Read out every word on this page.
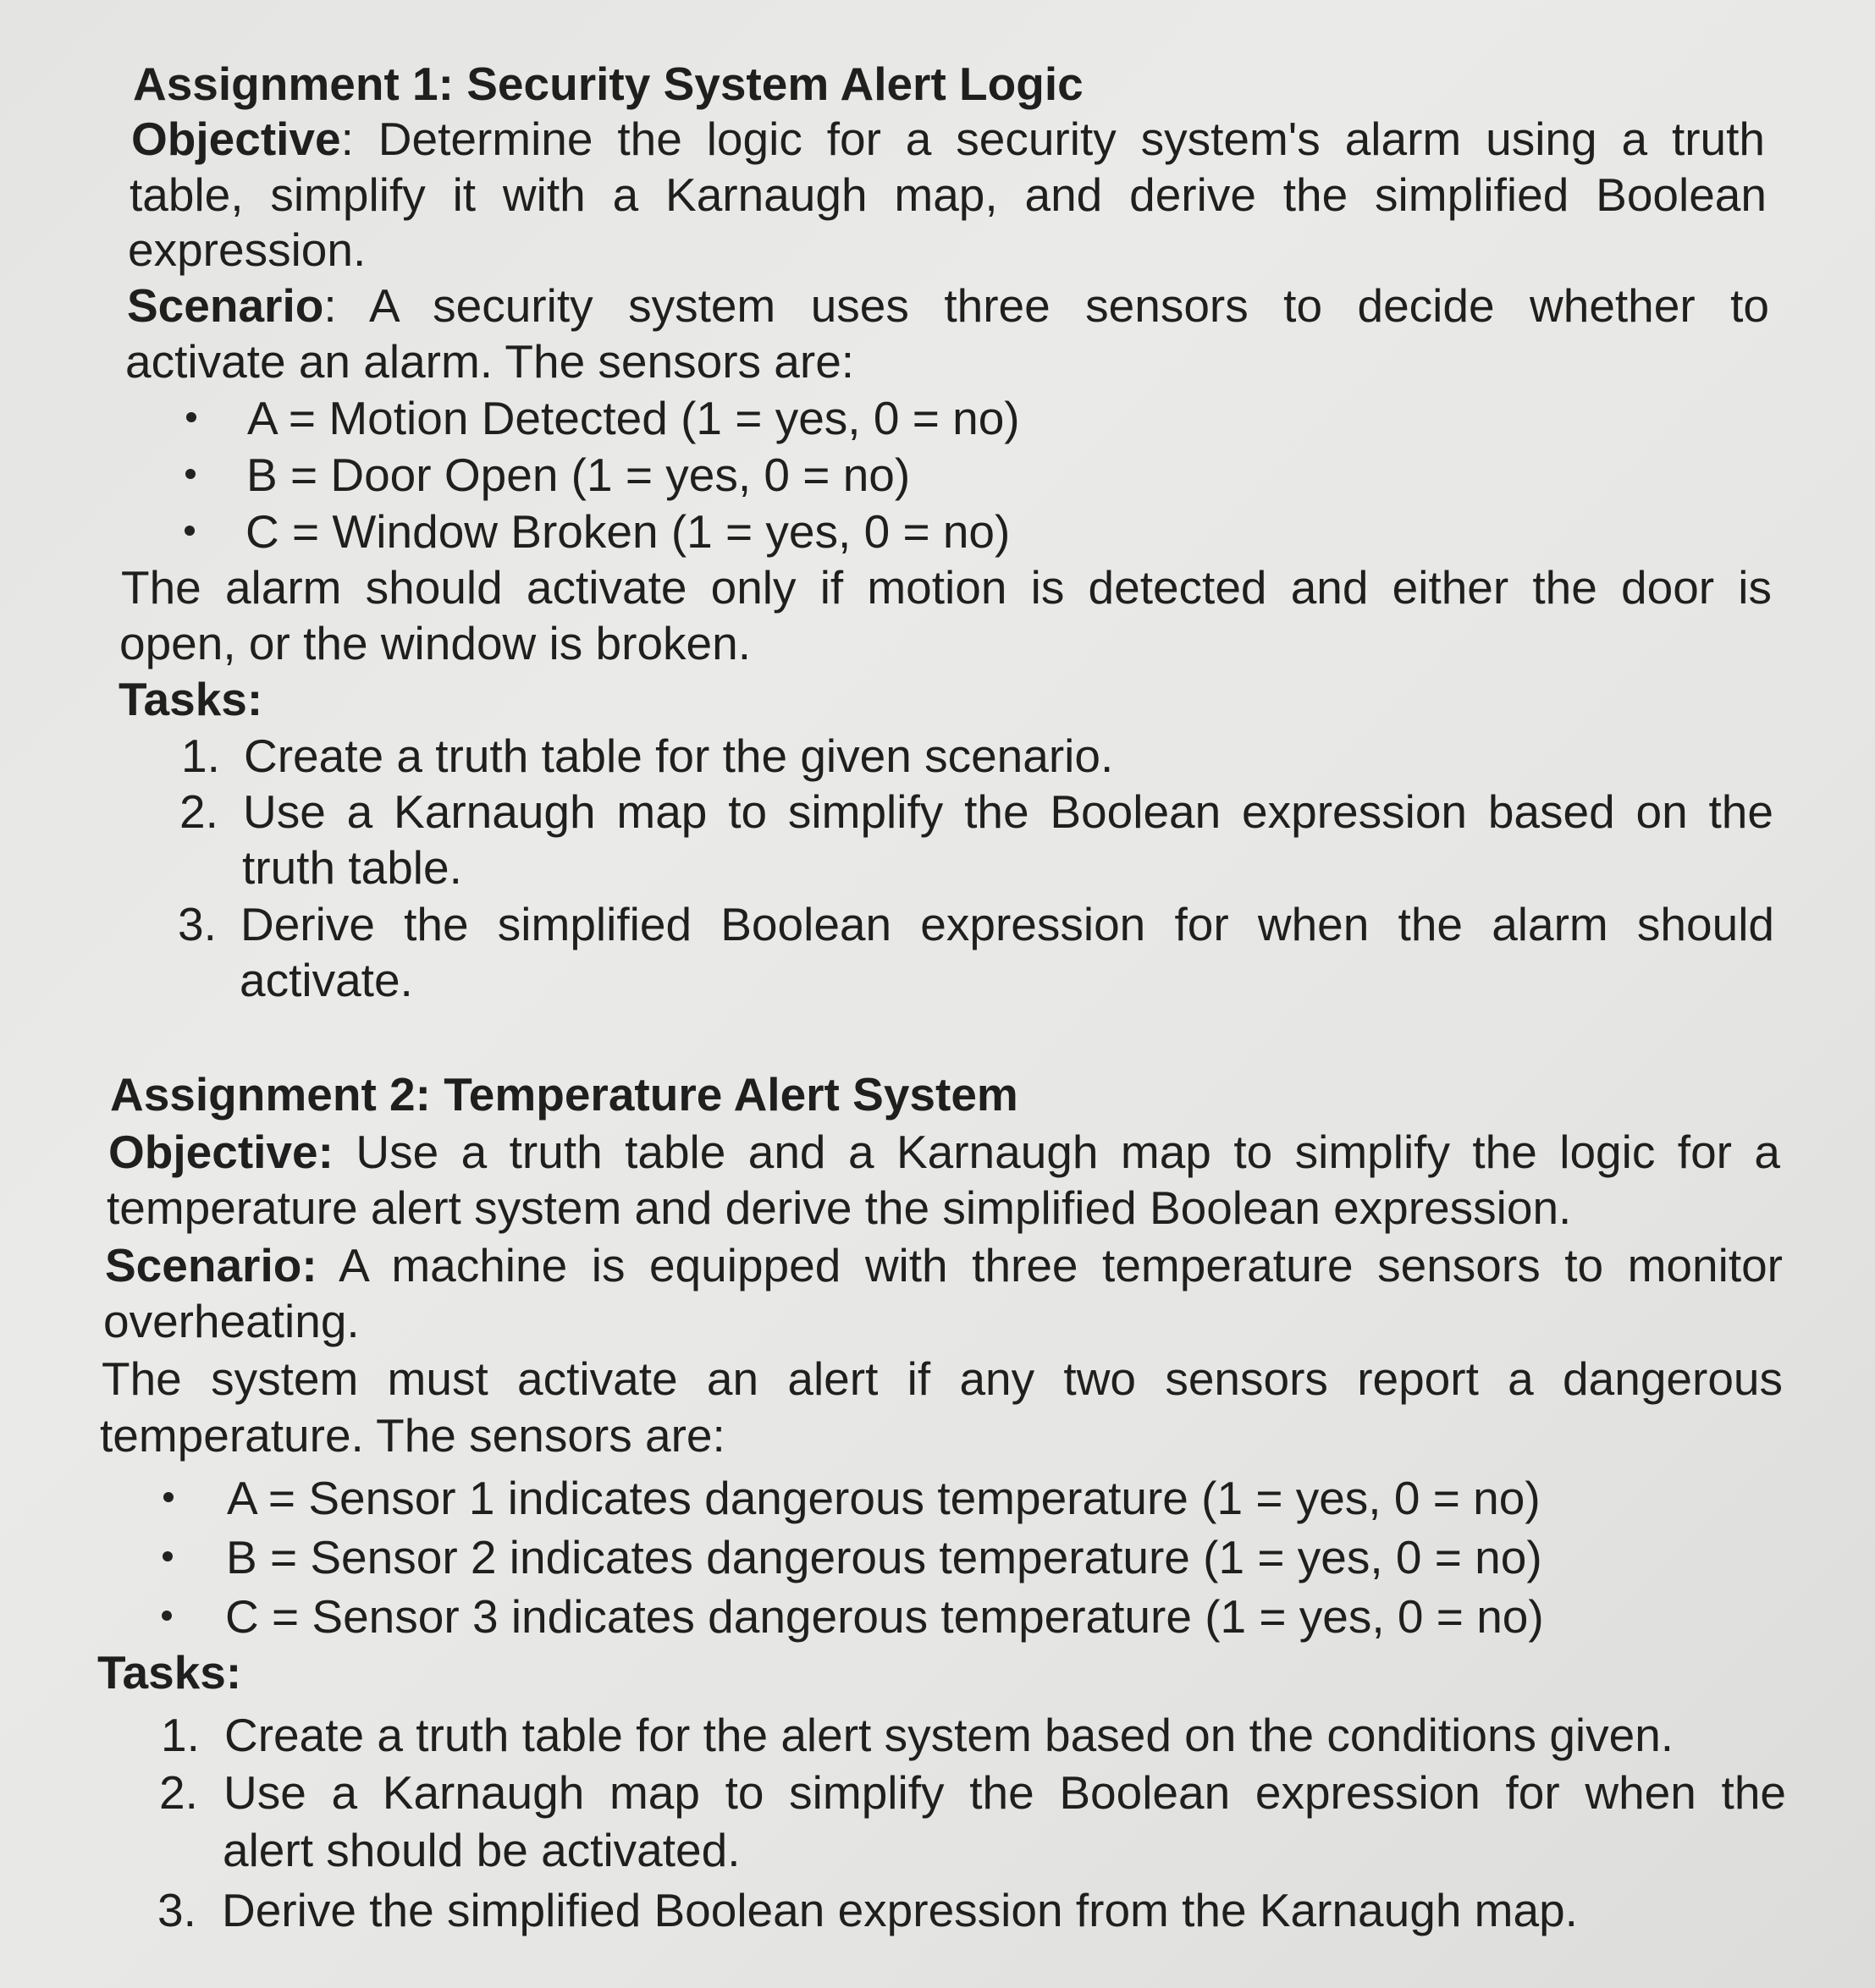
Assignment 1: Security System Alert Logic
Objective: Determine the logic for a security system's alarm using a truth
table, simplify it with a Karnaugh map, and derive the simplified Boolean
expression.
Scenario: A security system uses three sensors to decide whether to
activate an alarm. The sensors are:
A = Motion Detected (1 = yes, 0 = no)
B = Door Open (1 = yes, 0 = no)
C = Window Broken (1 = yes, 0 = no)
The alarm should activate only if motion is detected and either the door is
open, or the window is broken.
Tasks:
1. Create a truth table for the given scenario.
2. Use a Karnaugh map to simplify the Boolean expression based on the
truth table.
3. Derive the simplified Boolean expression for when the alarm should
activate.
Assignment 2: Temperature Alert System
Objective: Use a truth table and a Karnaugh map to simplify the logic for a
temperature alert system and derive the simplified Boolean expression.
Scenario: A machine is equipped with three temperature sensors to monitor
overheating.
The system must activate an alert if any two sensors report a dangerous
temperature. The sensors are:
A = Sensor 1 indicates dangerous temperature (1 = yes, 0 = no)
B = Sensor 2 indicates dangerous temperature (1 = yes, 0 = no)
C = Sensor 3 indicates dangerous temperature (1 = yes, 0 = no)
Tasks:
1. Create a truth table for the alert system based on the conditions given.
2. Use a Karnaugh map to simplify the Boolean expression for when the
alert should be activated.
3. Derive the simplified Boolean expression from the Karnaugh map.
